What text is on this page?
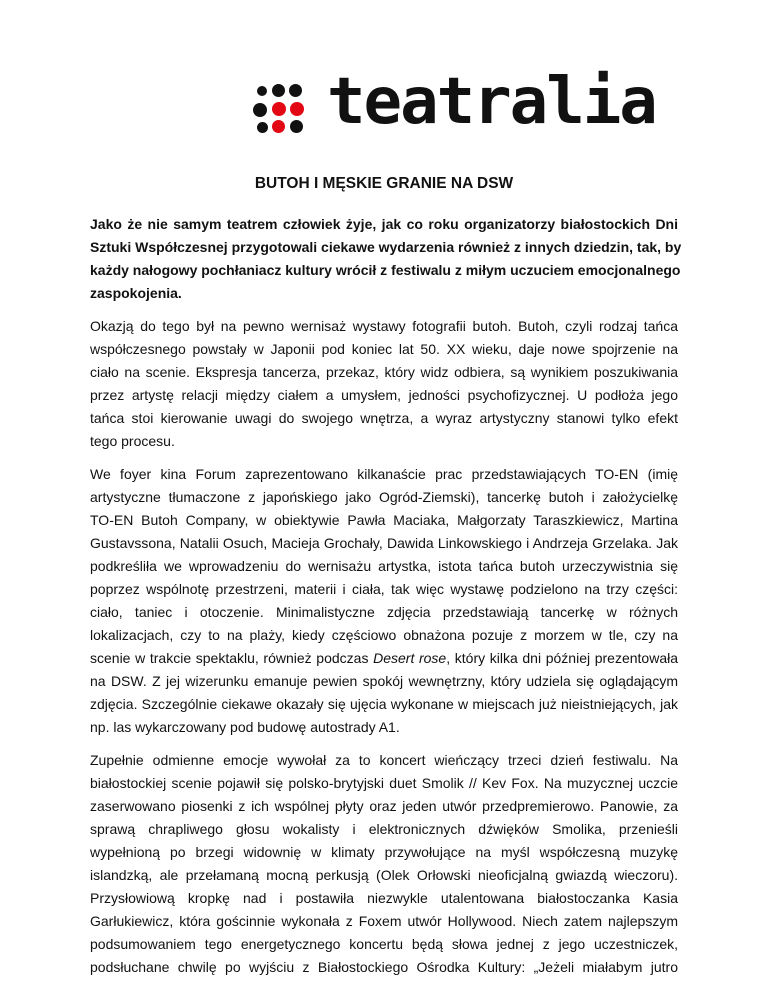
teatralia
BUTOH I MĘSKIE GRANIE NA DSW

Jako że nie samym teatrem człowiek żyje, jak co roku organizatorzy białostockich Dni
Sztuki Współczesnej przygotowali ciekawe wydarzenia również z innych dziedzin, tak, by
każdy nałogowy pochłaniacz kultury wrócił z festiwalu z miłym uczuciem emocjonalnego
zaspokojenia.

Okazją do tego był na pewno wernisaż wystawy fotografii butoh. Butoh, czyli rodzaj tańca
współczesnego powstały w Japonii pod koniec lat 50. XX wieku, daje nowe spojrzenie na
ciało na scenie. Ekspresja tancerza, przekaz, który widz odbiera, są wynikiem poszukiwania
przez artystę relacji między ciałem a umysłem, jedności psychofizycznej. U podłoża jego
tańca stoi kierowanie uwagi do swojego wnętrza, a wyraz artystyczny stanowi tylko efekt
tego procesu.

We foyer kina Forum zaprezentowano kilkanaście prac przedstawiających TO-EN (imię
artystyczne tłumaczone z japońskiego jako Ogród-Ziemski), tancerkę butoh i założycielkę
TO-EN Butoh Company, w obiektywie Pawła Maciaka, Małgorzaty Taraszkiewicz, Martina
Gustavssona, Natalii Osuch, Macieja Grochały, Dawida Linkowskiego i Andrzeja Grzelaka. Jak
podkreśliła we wprowadzeniu do wernisażu artystka, istota tańca butoh urzeczywistnia się
poprzez wspólnotę przestrzeni, materii i ciała, tak więc wystawę podzielono na trzy części:
ciało, taniec i otoczenie. Minimalistyczne zdjęcia przedstawiają tancerkę w różnych
lokalizacjach, czy to na plaży, kiedy częściowo obnażona pozuje z morzem w tle, czy na
scenie w trakcie spektaklu, również podczas Desert rose, który kilka dni później prezentowała
na DSW. Z jej wizerunku emanuje pewien spokój wewnętrzny, który udziela się oglądającym
zdjęcia. Szczególnie ciekawe okazały się ujęcia wykonane w miejscach już nieistniejących, jak
np. las wykarczowany pod budowę autostrady A1.

Zupełnie odmienne emocje wywołał za to koncert wieńczący trzeci dzień festiwalu. Na
białostockiej scenie pojawił się polsko-brytyjski duet Smolik // Kev Fox. Na muzycznej uczcie
zaserwowano piosenki z ich wspólnej płyty oraz jeden utwór przedpremierowo. Panowie, za
sprawą chrapliwego głosu wokalisty i elektronicznych dźwięków Smolika, przenieśli
wypełnioną po brzegi widownię w klimaty przywołujące na myśl współczesną muzykę
islandzką, ale przełamaną mocną perkusją (Olek Orłowski nieoficjalną gwiazdą wieczoru).
Przysłowiową kropkę nad i postawiła niezwykle utalentowana białostoczanka Kasia
Garłukiewicz, która gościnnie wykonała z Foxem utwór Hollywood. Niech zatem najlepszym
podsumowaniem tego energetycznego koncertu będą słowa jednej z jego uczestniczek,
podsłuchane chwilę po wyjściu z Białostockiego Ośrodka Kultury: „Jeżeli miałabym jutro
